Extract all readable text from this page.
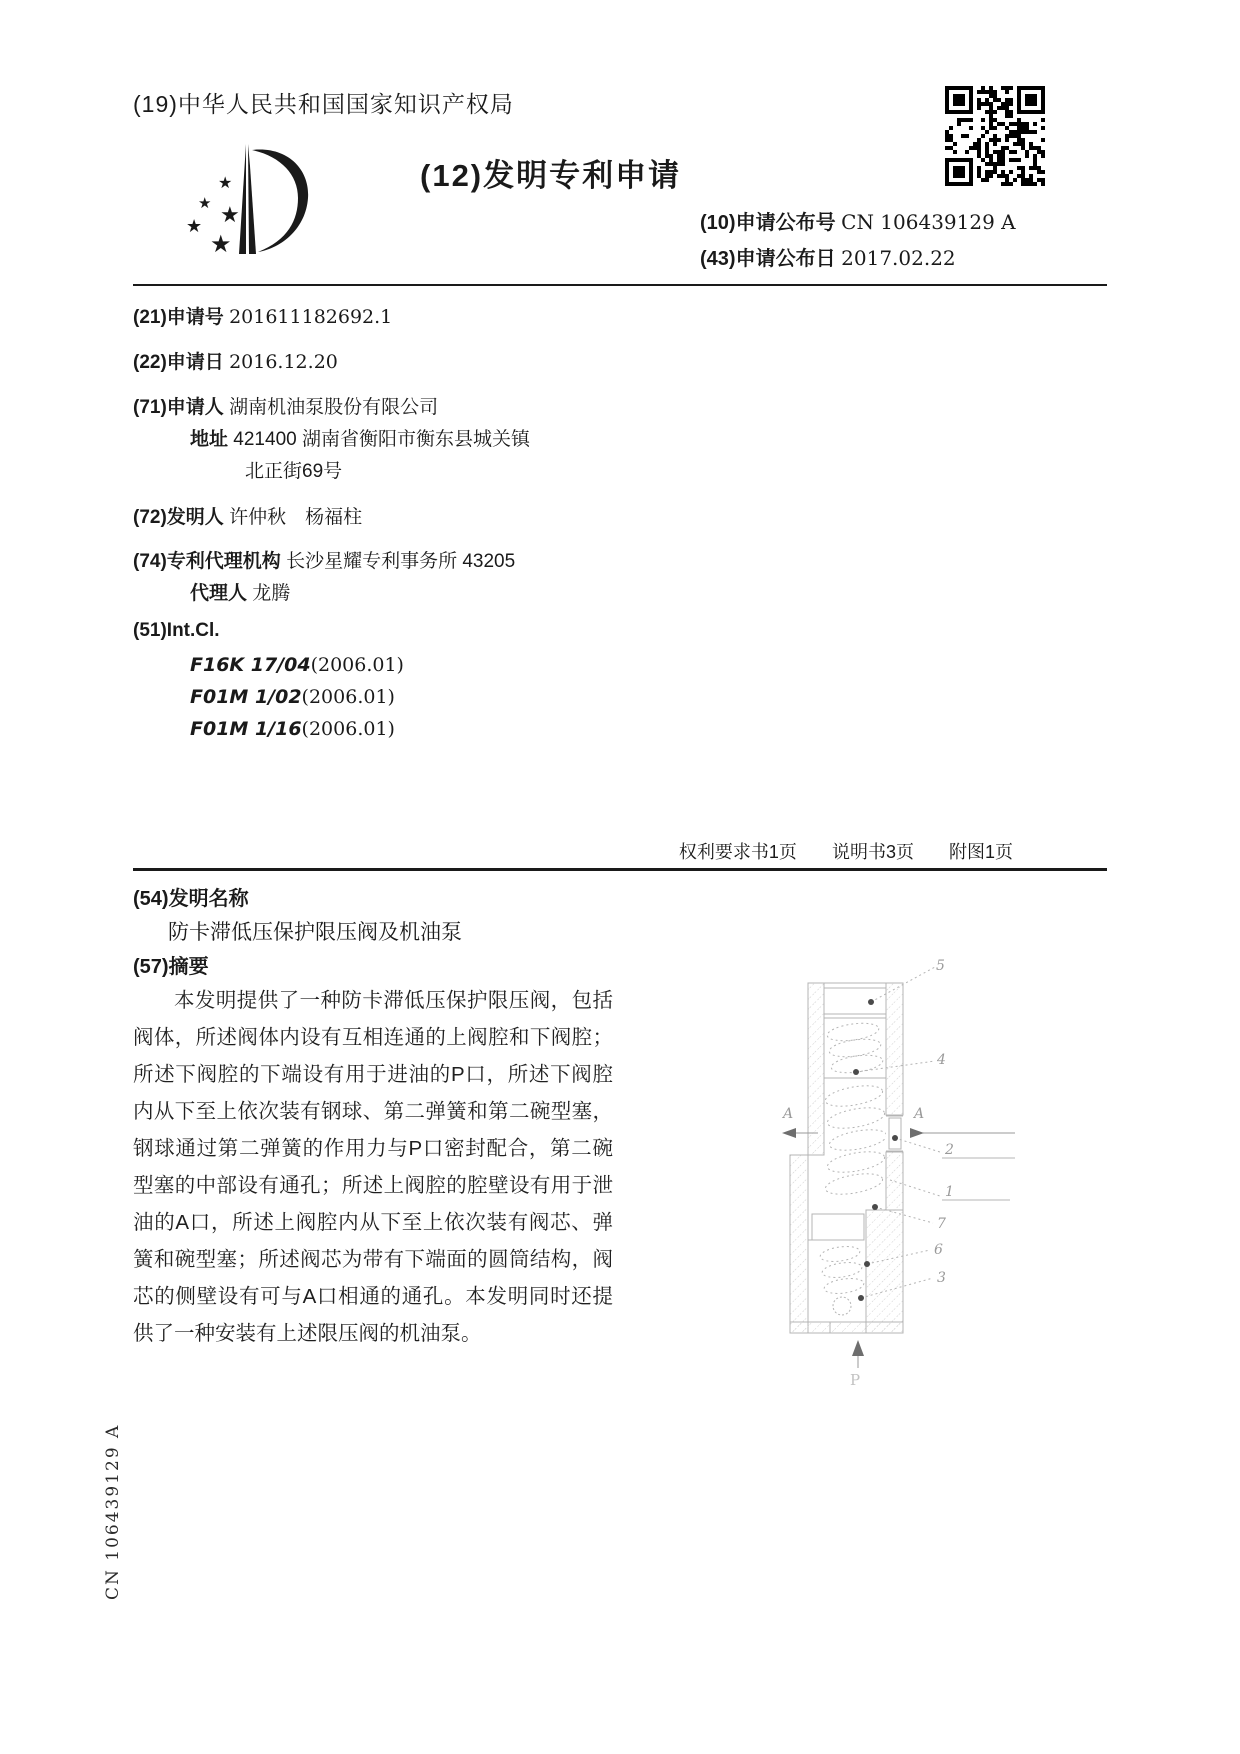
(19)中华人民共和国国家知识产权局
★
★ ★
★
★
(12)发明专利申请
(10)申请公布号 CN 106439129 A
(43)申请公布日 2017.02.22
(21)申请号 201611182692.1
(22)申请日 2016.12.20
(71)申请人 湖南机油泵股份有限公司
地址 421400 湖南省衡阳市衡东县城关镇
北正街69号
(72)发明人 许仲秋　杨福柱
(74)专利代理机构 长沙星耀专利事务所 43205
代理人 龙腾
(51)Int.Cl.
F16K 17/04(2006.01)
F01M 1/02(2006.01)
F01M 1/16(2006.01)
权利要求书1页 说明书3页 附图1页
(54)发明名称
防卡滞低压保护限压阀及机油泵
(57)摘要
本发明提供了一种防卡滞低压保护限压阀，包括阀体，所述阀体内设有互相连通的上阀腔和下阀腔；所述下阀腔的下端设有用于进油的P口，所述下阀腔内从下至上依次装有钢球、第二弹簧和第二碗型塞，钢球通过第二弹簧的作用力与P口密封配合，第二碗型塞的中部设有通孔；所述上阀腔的腔壁设有用于泄油的A口，所述上阀腔内从下至上依次装有阀芯、弹簧和碗型塞；所述阀芯为带有下端面的圆筒结构，阀芯的侧壁设有可与A口相通的通孔。本发明同时还提供了一种安装有上述限压阀的机油泵。
5
4
2
1
7
6
3
A	A
P
CN 106439129 A
